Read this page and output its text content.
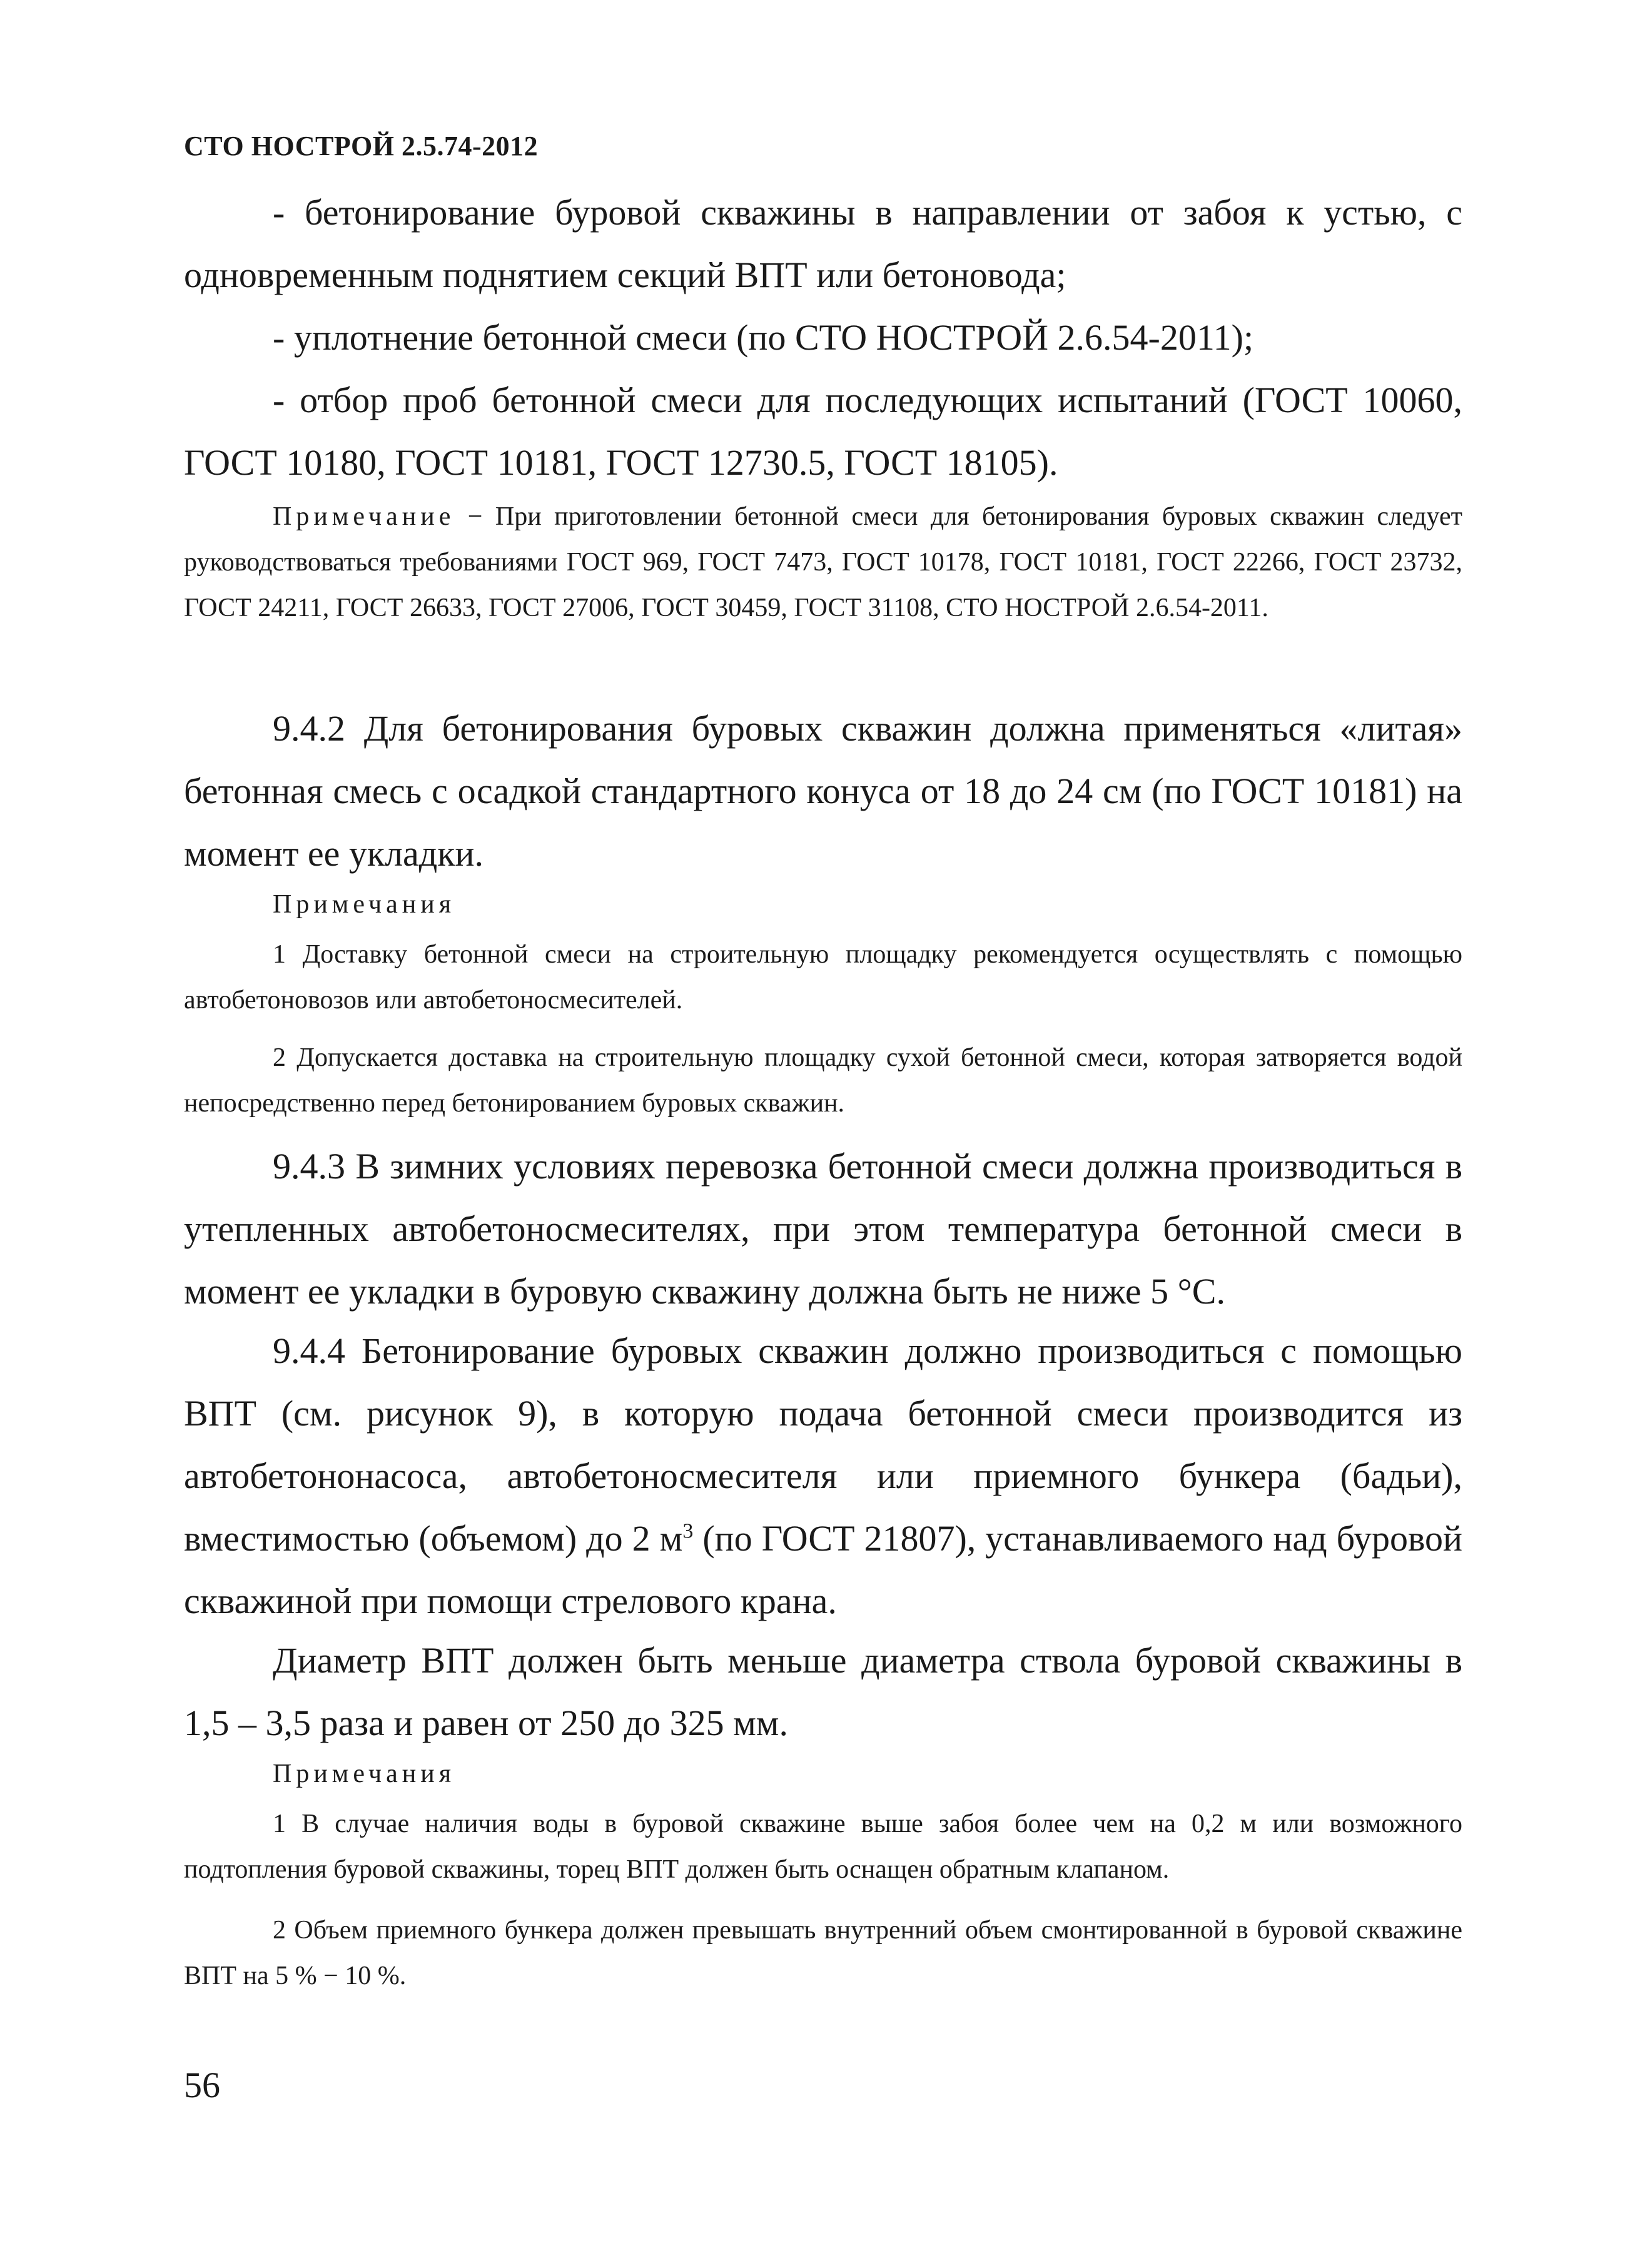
СТО НОСТРОЙ 2.5.74-2012
- бетонирование буровой скважины в направлении от забоя к устью, с одновременным поднятием секций ВПТ или бетоновода;
- уплотнение бетонной смеси (по СТО НОСТРОЙ 2.6.54-2011);
- отбор проб бетонной смеси для последующих испытаний (ГОСТ 10060, ГОСТ 10180, ГОСТ 10181, ГОСТ 12730.5, ГОСТ 18105).
Примечание − При приготовлении бетонной смеси для бетонирования буровых скважин следует руководствоваться требованиями ГОСТ 969, ГОСТ 7473, ГОСТ 10178, ГОСТ 10181, ГОСТ 22266, ГОСТ 23732, ГОСТ 24211, ГОСТ 26633, ГОСТ 27006, ГОСТ 30459, ГОСТ 31108, СТО НОСТРОЙ 2.6.54-2011.
9.4.2 Для бетонирования буровых скважин должна применяться «литая» бетонная смесь с осадкой стандартного конуса от 18 до 24 см (по ГОСТ 10181) на момент ее укладки.
Примечания
1 Доставку бетонной смеси на строительную площадку рекомендуется осуществлять с помощью автобетоновозов или автобетоносмесителей.
2 Допускается доставка на строительную площадку сухой бетонной смеси, которая затворяется водой непосредственно перед бетонированием буровых скважин.
9.4.3 В зимних условиях перевозка бетонной смеси должна производиться в утепленных автобетоносмесителях, при этом температура бетонной смеси в момент ее укладки в буровую скважину должна быть не ниже 5 °С.
9.4.4 Бетонирование буровых скважин должно производиться с помощью ВПТ (см. рисунок 9), в которую подача бетонной смеси производится из автобетононасоса, автобетоносмесителя или приемного бункера (бадьи), вместимостью (объемом) до 2 $м^3$ (по ГОСТ 21807), устанавливаемого над буровой скважиной при помощи стрелового крана.
Диаметр ВПТ должен быть меньше диаметра ствола буровой скважины в 1,5 – 3,5 раза и равен от 250 до 325 мм.
Примечания
1 В случае наличия воды в буровой скважине выше забоя более чем на 0,2 м или возможного подтопления буровой скважины, торец ВПТ должен быть оснащен обратным клапаном.
2 Объем приемного бункера должен превышать внутренний объем смонтированной в буровой скважине ВПТ на 5 % − 10 %.
56
